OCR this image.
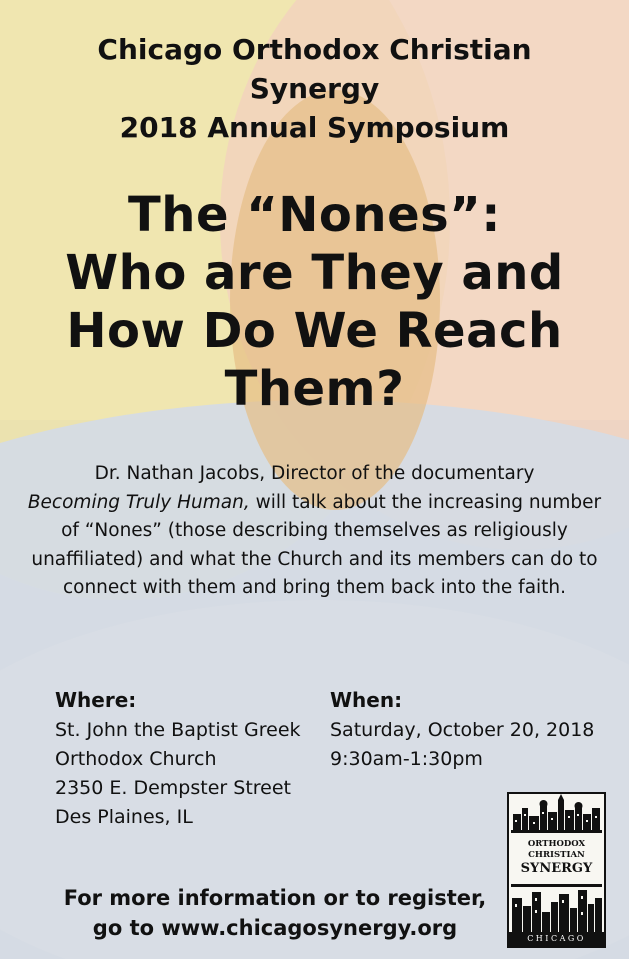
Chicago Orthodox Christian
Synergy
2018 Annual Symposium
The “Nones”:
Who are They and
How Do We Reach
Them?
Dr. Nathan Jacobs, Director of the documentary
Becoming Truly Human, will talk about the increasing number of “Nones” (those describing themselves as religiously unaffiliated) and what the Church and its members can do to connect with them and bring them back into the faith.
Where:
St. John the Baptist Greek
Orthodox Church
2350 E. Dempster Street
Des Plaines, IL
When:
Saturday, October 20, 2018
9:30am-1:30pm
For more information or to register,
go to www.chicagosynergy.org
ORTHODOX
CHRISTIAN
SYNERGY
CHICAGO
